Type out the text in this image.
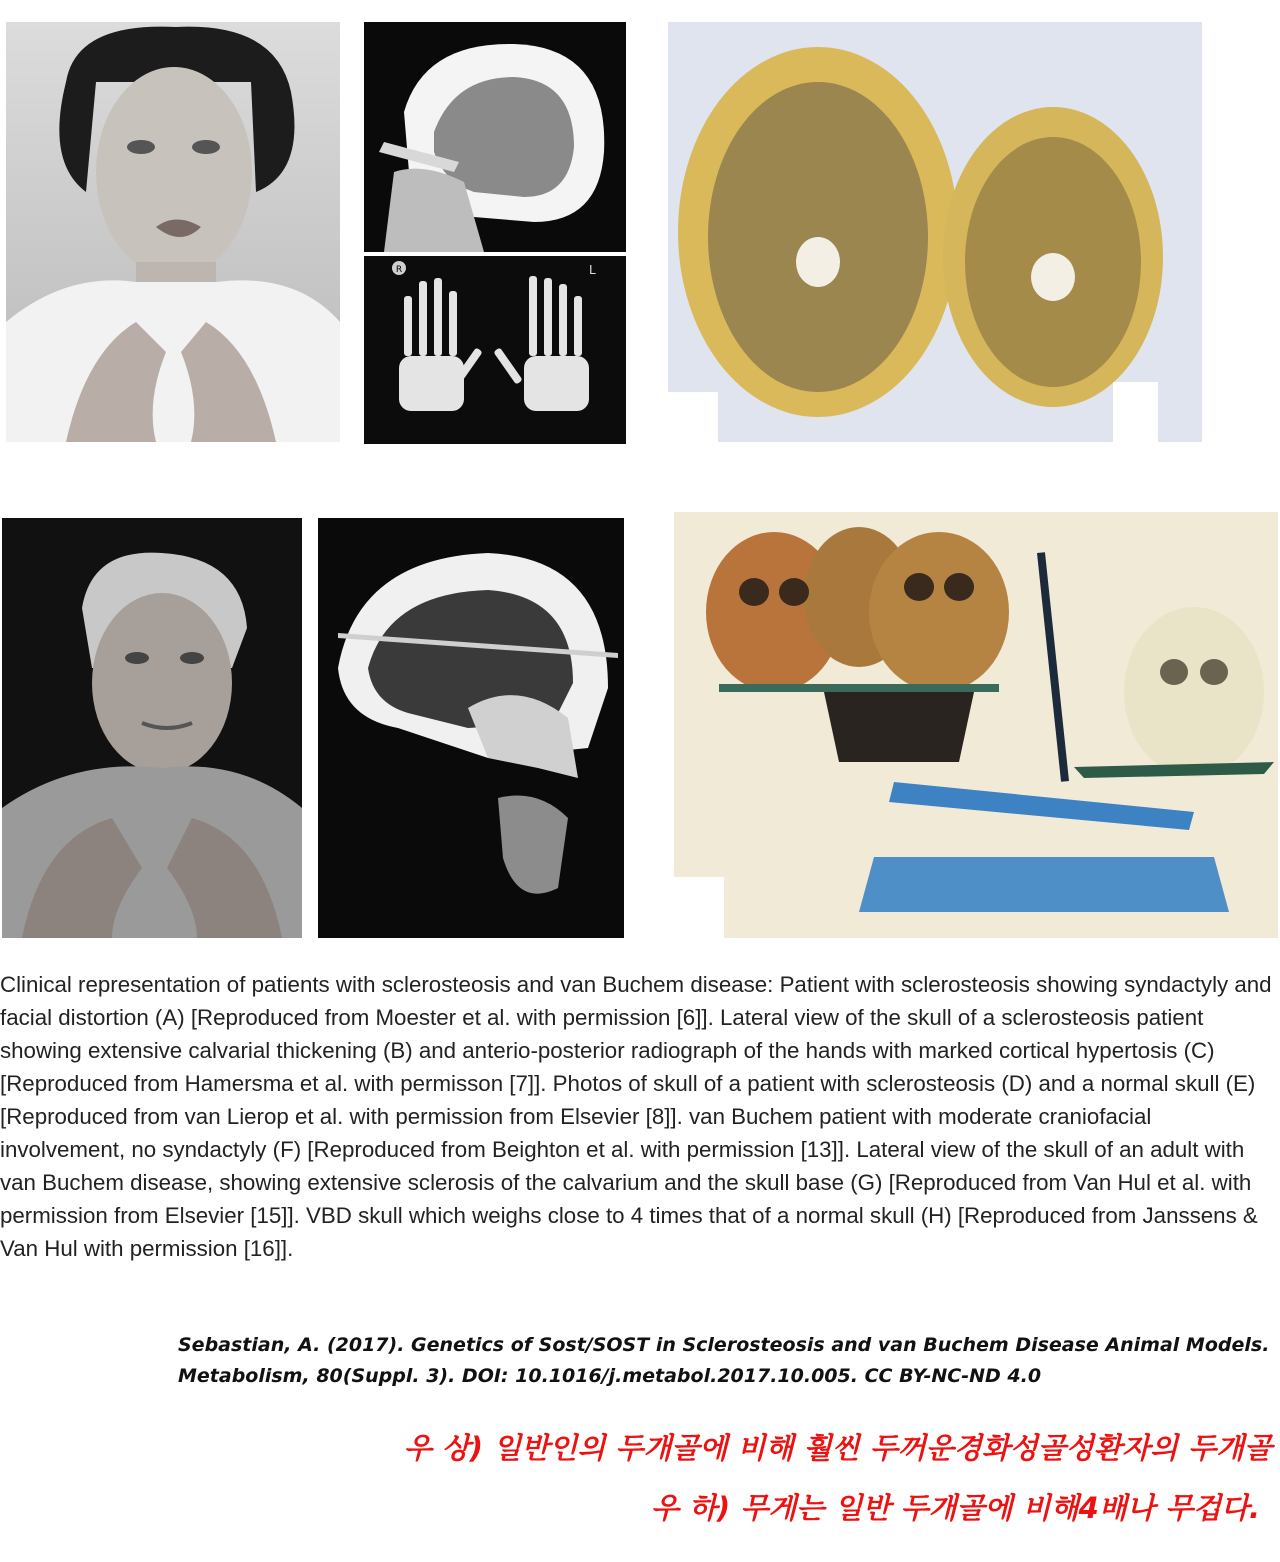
R	L

Clinical representation of patients with sclerosteosis and van Buchem disease: Patient with sclerosteosis showing syndactyly and facial distortion (A) [Reproduced from Moester et al. with permission [6]]. Lateral view of the skull of a sclerosteosis patient showing extensive calvarial thickening (B) and anterio-posterior radiograph of the hands with marked cortical hypertosis (C) [Reproduced from Hamersma et al. with permisson [7]]. Photos of skull of a patient with sclerosteosis (D) and a normal skull (E) [Reproduced from van Lierop et al. with permission from Elsevier [8]]. van Buchem patient with moderate craniofacial involvement, no syndactyly (F) [Reproduced from Beighton et al. with permission [13]]. Lateral view of the skull of an adult with van Buchem disease, showing extensive sclerosis of the calvarium and the skull base (G) [Reproduced from Van Hul et al. with permission from Elsevier [15]]. VBD skull which weighs close to 4 times that of a normal skull (H) [Reproduced from Janssens & Van Hul with permission [16]].

Sebastian, A. (2017). Genetics of Sost/SOST in Sclerosteosis and van Buchem Disease Animal Models.
Metabolism, 80(Suppl. 3). DOI: 10.1016/j.metabol.2017.10.005. CC BY-NC-ND 4.0

우 상) 일반인의 두개골에 비해 훨씬 두꺼운경화성골성환자의 두개골

우 하) 무게는 일반 두개골에 비해4배나 무겁다.
